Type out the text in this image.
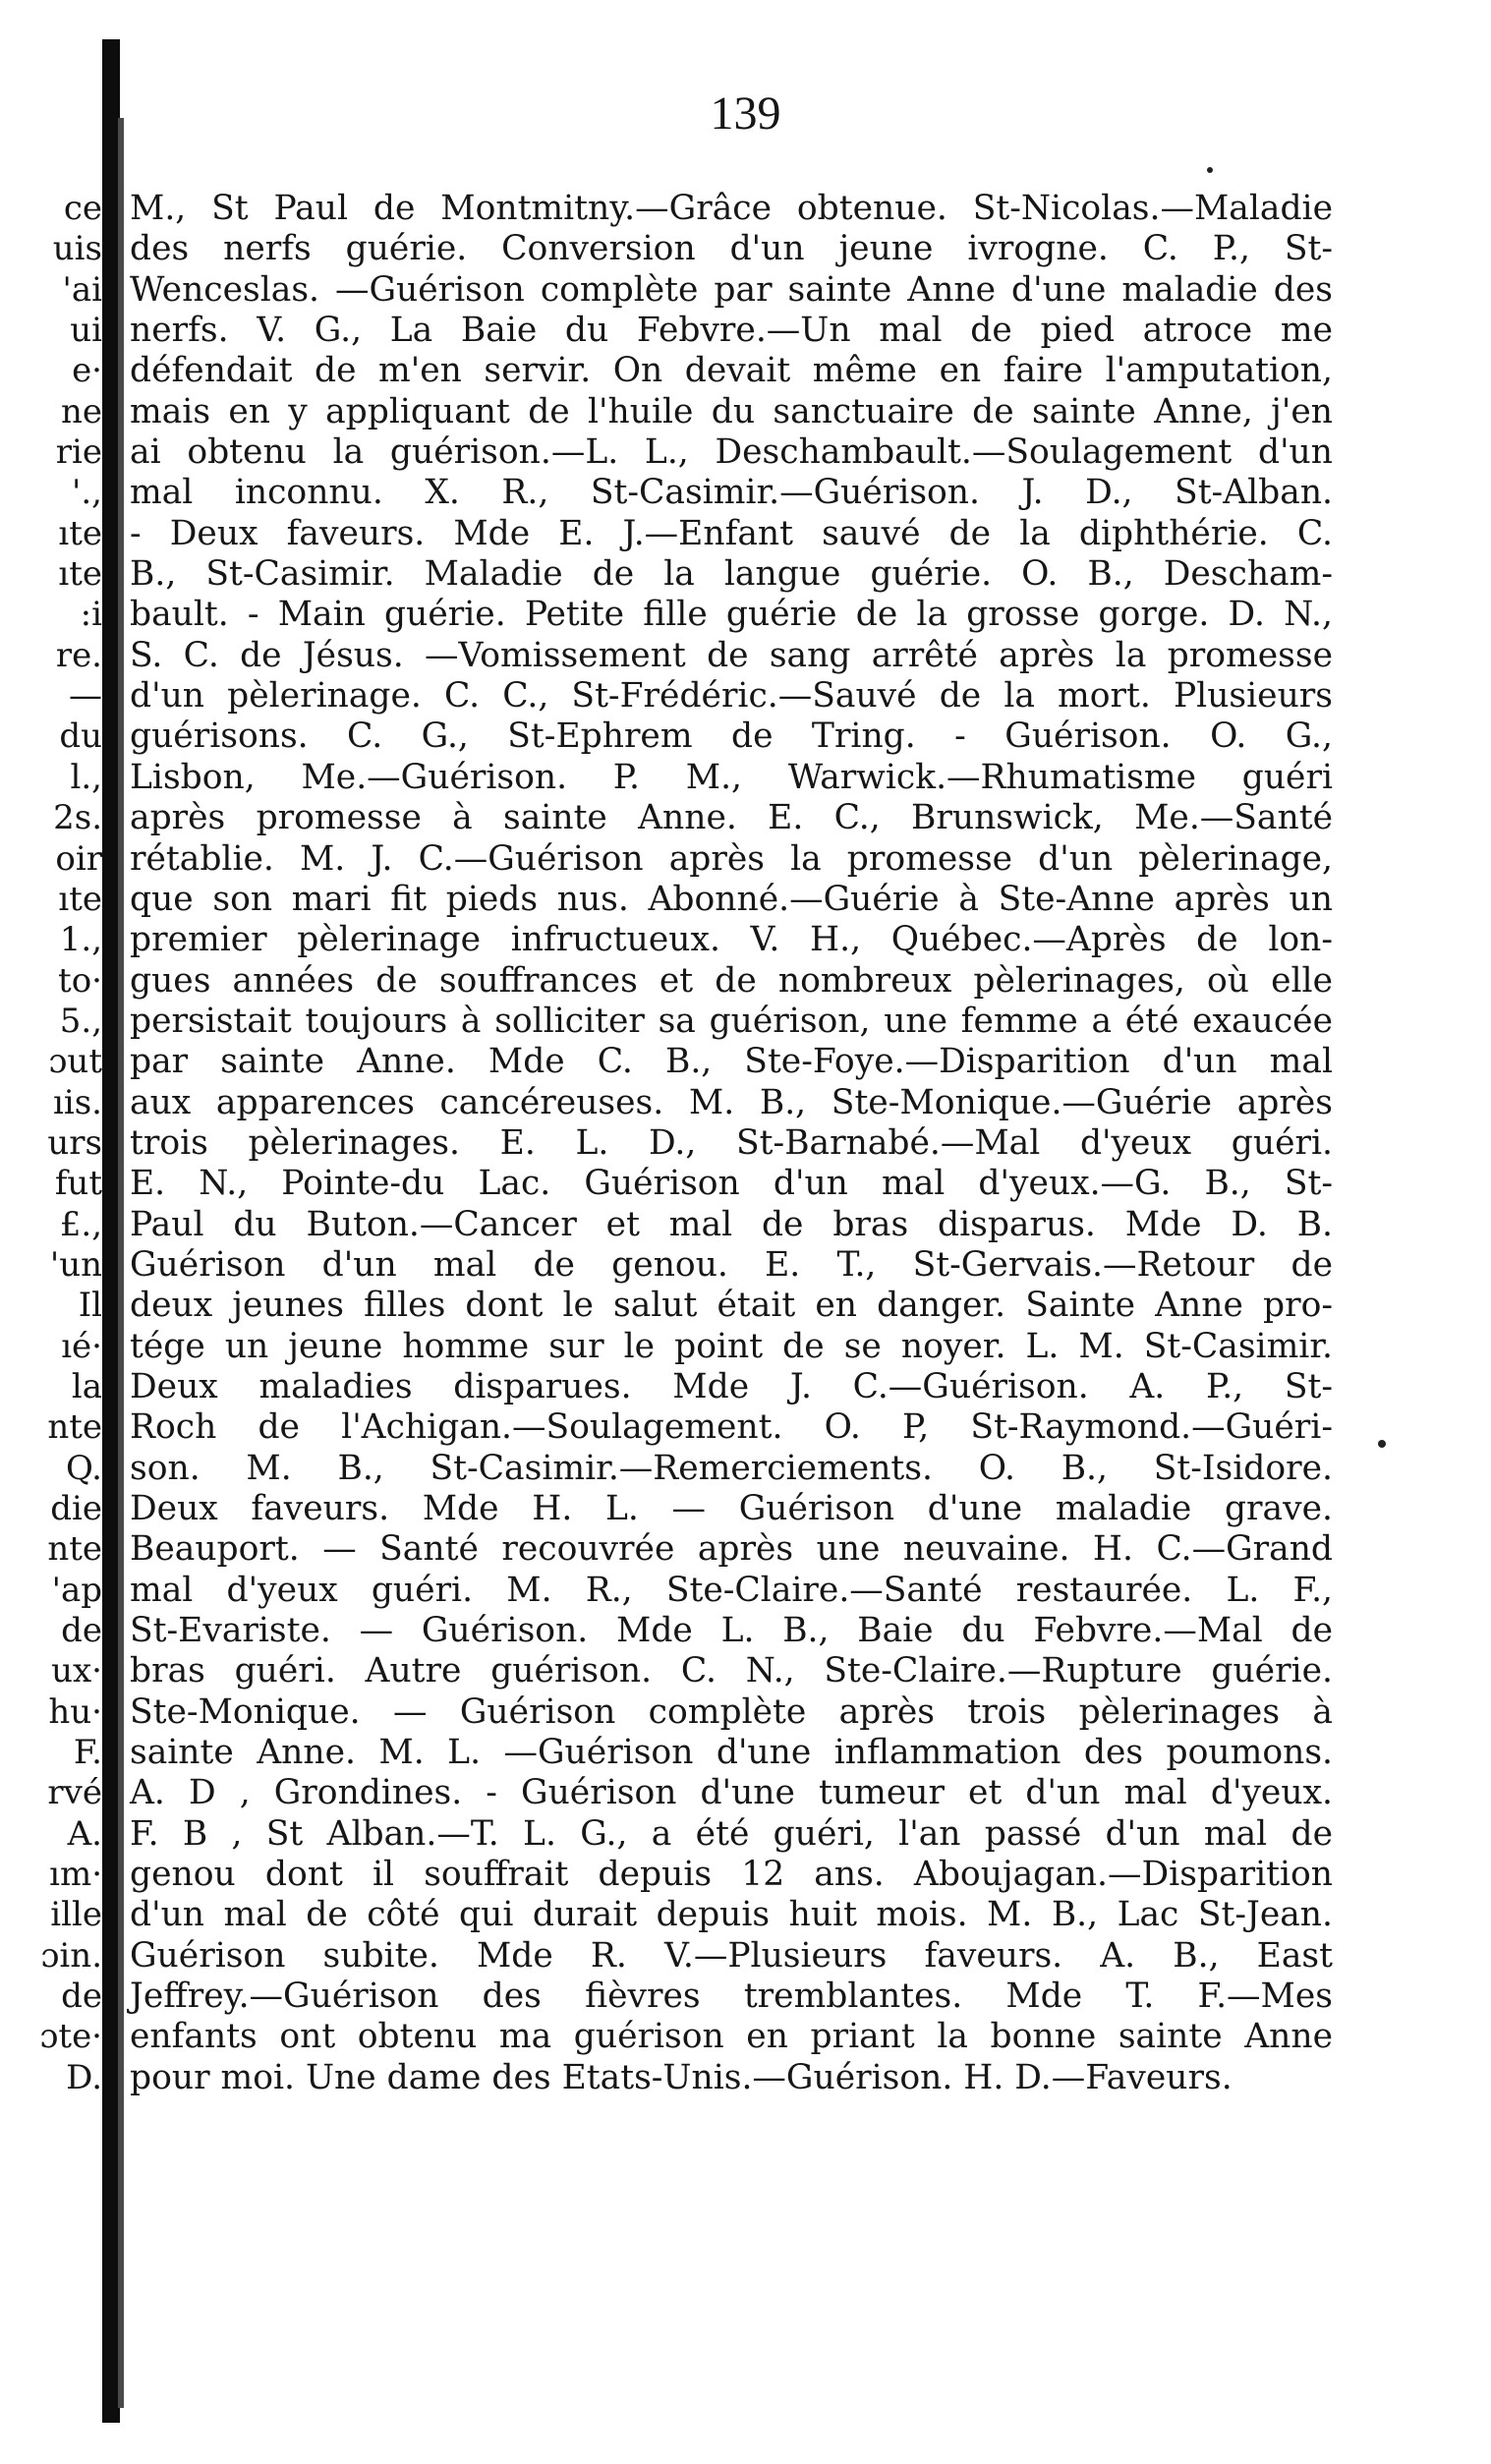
ce
uis
'ai
ui
e·
ne
rie
'.,
ıte
ıte
:i
re.
—
du
l.,
2s.
oir
ıte
1.,
to·
5.,
ɔut
ıis.
urs
fut
£.,
'un
Il
ıé·
la
nte
Q.
die
nte
'ap
de
ux·
hu·
F.
rvé
A.
ım·
ille
ɔin.
de
ɔte·
D.
139
M., St Paul de Montmitny.—Grâce obtenue. St-Nicolas.—Maladie
des nerfs guérie. Conversion d'un jeune ivrogne. C. P., St-
Wenceslas. —Guérison complète par sainte Anne d'une maladie des
nerfs. V. G., La Baie du Febvre.—Un mal de pied atroce me
défendait de m'en servir. On devait même en faire l'amputation,
mais en y appliquant de l'huile du sanctuaire de sainte Anne, j'en
ai obtenu la guérison.—L. L., Deschambault.—Soulagement d'un
mal inconnu. X. R., St-Casimir.—Guérison. J. D., St-Alban.
- Deux faveurs. Mde E. J.—Enfant sauvé de la diphthérie. C.
B., St-Casimir. Maladie de la langue guérie. O. B., Descham-
bault. - Main guérie. Petite fille guérie de la grosse gorge. D. N.,
S. C. de Jésus. —Vomissement de sang arrêté après la promesse
d'un pèlerinage. C. C., St-Frédéric.—Sauvé de la mort. Plusieurs
guérisons. C. G., St-Ephrem de Tring. - Guérison. O. G.,
Lisbon, Me.—Guérison. P. M., Warwick.—Rhumatisme guéri
après promesse à sainte Anne. E. C., Brunswick, Me.—Santé
rétablie. M. J. C.—Guérison après la promesse d'un pèlerinage,
que son mari fit pieds nus. Abonné.—Guérie à Ste-Anne après un
premier pèlerinage infructueux. V. H., Québec.—Après de lon-
gues années de souffrances et de nombreux pèlerinages, où elle
persistait toujours à solliciter sa guérison, une femme a été exaucée
par sainte Anne. Mde C. B., Ste-Foye.—Disparition d'un mal
aux apparences cancéreuses. M. B., Ste-Monique.—Guérie après
trois pèlerinages. E. L. D., St-Barnabé.—Mal d'yeux guéri.
E. N., Pointe-du Lac. Guérison d'un mal d'yeux.—G. B., St-
Paul du Buton.—Cancer et mal de bras disparus. Mde D. B.
Guérison d'un mal de genou. E. T., St-Gervais.—Retour de
deux jeunes filles dont le salut était en danger. Sainte Anne pro-
tége un jeune homme sur le point de se noyer. L. M. St-Casimir.
Deux maladies disparues. Mde J. C.—Guérison. A. P., St-
Roch de l'Achigan.—Soulagement. O. P, St-Raymond.—Guéri-
son. M. B., St-Casimir.—Remerciements. O. B., St-Isidore.
Deux faveurs. Mde H. L. — Guérison d'une maladie grave.
Beauport. — Santé recouvrée après une neuvaine. H. C.—Grand
mal d'yeux guéri. M. R., Ste-Claire.—Santé restaurée. L. F.,
St-Evariste. — Guérison. Mde L. B., Baie du Febvre.—Mal de
bras guéri. Autre guérison. C. N., Ste-Claire.—Rupture guérie.
Ste-Monique. — Guérison complète après trois pèlerinages à
sainte Anne. M. L. —Guérison d'une inflammation des poumons.
A. D , Grondines. - Guérison d'une tumeur et d'un mal d'yeux.
F. B , St Alban.—T. L. G., a été guéri, l'an passé d'un mal de
genou dont il souffrait depuis 12 ans. Aboujagan.—Disparition
d'un mal de côté qui durait depuis huit mois. M. B., Lac St-Jean.
Guérison subite. Mde R. V.—Plusieurs faveurs. A. B., East
Jeffrey.—Guérison des fièvres tremblantes. Mde T. F.—Mes
enfants ont obtenu ma guérison en priant la bonne sainte Anne
pour moi. Une dame des Etats-Unis.—Guérison. H. D.—Faveurs.
